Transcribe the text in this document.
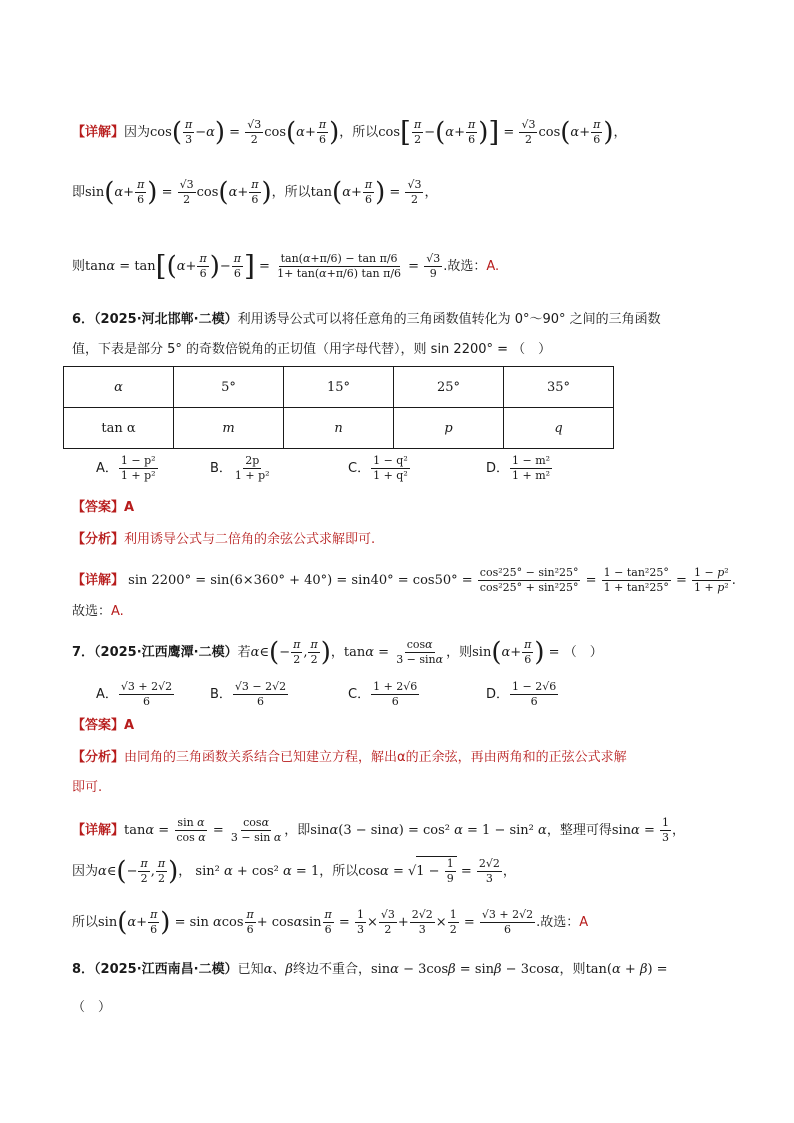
【详解】因为$\cos( \frac{\pi}{3} -\alpha) = \frac{√3}{2} \cos(\alpha+ \frac{\pi}{6}$ )，所以$\cos[ \frac{\pi}{2} -(\alpha+ \frac{\pi}{6}$ )] = $\frac{√3}{2} \cos(\alpha+ \frac{\pi}{6}$ )，
即$\sin(\alpha+ \frac{\pi}{6}$ ) = $\frac{√3}{2} \cos(\alpha+ \frac{\pi}{6}$ )，所以$\tan(\alpha+ \frac{\pi}{6}$ ) = $\frac{√3}{2}$ ，
则$\tan\alpha = \tan[(\alpha+ \frac{\pi}{6}$ )− $\frac{\pi}{6}$ ] = $\frac{\text{tan(α+π/6) − tan π/6}}{\text{1+ tan(α+π/6) tan π/6}} = \frac{√3}{9}$ .故选：A.
6．（2025·河北邯郸·二模）利用诱导公式可以将任意角的三角函数值转化为 0°～90° 之间的三角函数
值，下表是部分 5° 的奇数倍锐角的正切值（用字母代替），则 sin 2200° = （　）
α	5°	15°	25°	35°
tan α	m	n	p	q
A． $\frac{\text{1 − p²}}{\text{1 + p²}}$	B． $\frac{2p}{\text{1 + p²}}$	C． $\frac{\text{1 − q²}}{\text{1 + q²}}$	D． $\frac{\text{1 − m²}}{\text{1 + m²}}$
【答案】A
【分析】利用诱导公式与二倍角的余弦公式求解即可.
【详解】 $\sin 2200^\circ = \sin(6\times 360^\circ + 40^\circ) = \sin 40^\circ = \cos 50^\circ = \frac{\text{cos²25° − sin²25°}}{\text{cos²25° + sin²25°}} = \frac{\text{1 − tan²25°}}{\text{1 + tan²25°}} = \frac{\text{1 − p²}}{\text{1 + p²}}$ .
故选：A.
7．（2025·江西鹰潭·二模）若α∈(− $\frac{\pi}{2}$ , $\frac{\pi}{2}$ )，$\tan\alpha = \frac{\cos\alpha}{3 - \sin\alpha}$ ，则$\sin(\alpha+ \frac{\pi}{6}$ ) = （　）
A． $\frac{√3 + 2√2}{6}$	B． $\frac{√3 - 2√2}{6}$	C． $\frac{1 + 2√6}{6}$	D． $\frac{1 - 2√6}{6}$
【答案】A
【分析】由同角的三角函数关系结合已知建立方程，解出α的正余弦，再由两角和的正弦公式求解
即可.
【详解】$\tan\alpha = \frac{\text{sin α}}{\text{cos α}} = \frac{\cos\alpha}{\text{3 − sin α}}$ ，即sinα(3 − sinα) = cos² α = 1 − sin² α，整理可得$\sin\alpha = \frac{1}{3}$ ，
因为α∈(− $\frac{\pi}{2}$ , $\frac{\pi}{2}$ )， sin² α + cos² α = 1，所以$\cos\alpha = √1 - \frac{1}{9} = \frac{2√2}{3}$ ，
所以$\sin(\alpha+ \frac{\pi}{6}$ ) = sin αcos $\frac{\pi}{6} + \cos\alpha\sin \frac{\pi}{6} = \frac{1}{3} \times \frac{√3}{2} + \frac{2√2}{3} \times \frac{1}{2} = \frac{√3 + 2√2}{6}$ .故选：A
8．（2025·江西南昌·二模）已知α、β终边不重合，sinα − 3cosβ = sinβ − 3cosα，则tan(α + β) =
（　）
